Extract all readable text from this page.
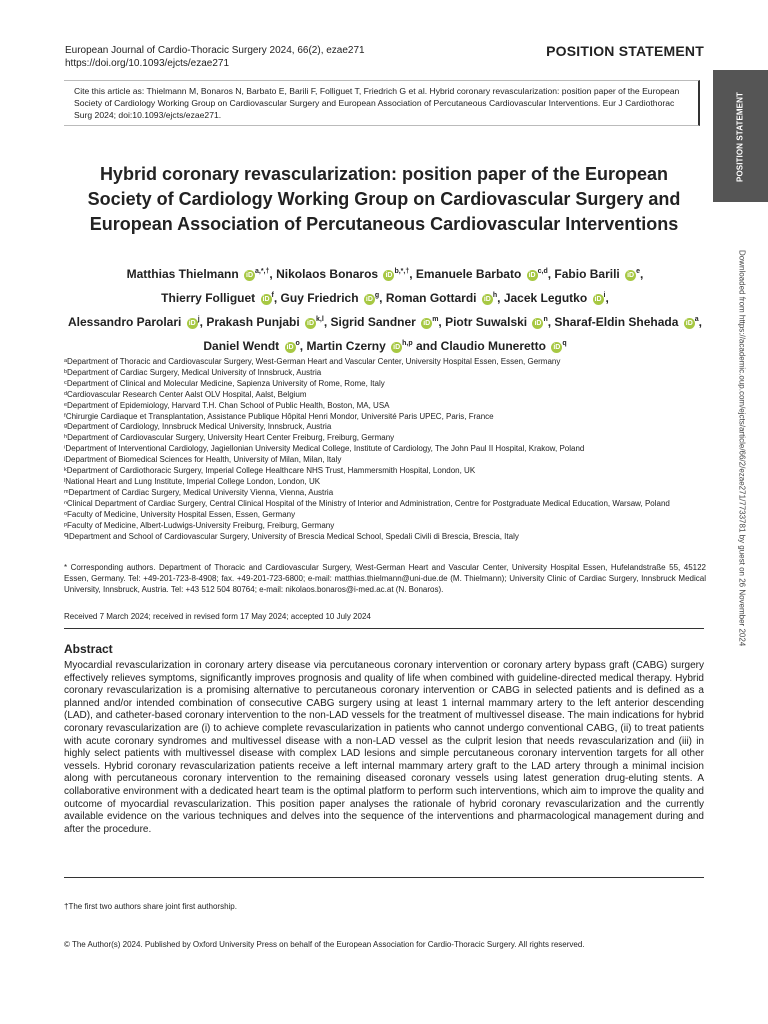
European Journal of Cardio-Thoracic Surgery 2024, 66(2), ezae271
https://doi.org/10.1093/ejcts/ezae271
POSITION STATEMENT
Cite this article as: Thielmann M, Bonaros N, Barbato E, Barili F, Folliguet T, Friedrich G et al. Hybrid coronary revascularization: position paper of the European Society of Cardiology Working Group on Cardiovascular Surgery and European Association of Percutaneous Cardiovascular Interventions. Eur J Cardiothorac Surg 2024; doi:10.1093/ejcts/ezae271.
Hybrid coronary revascularization: position paper of the European Society of Cardiology Working Group on Cardiovascular Surgery and European Association of Percutaneous Cardiovascular Interventions
Matthias Thielmann $iD^{a,*,\dagger}$, Nikolaos Bonaros $iD^{b,*,\dagger}$, Emanuele Barbato iD$^{c,d}$, Fabio Barili $iD^e$,
Thierry Folliguet $iD^f$, Guy Friedrich $iD^g$, Roman Gottardi $iD^h$, Jacek Legutko $iD^i$,
Alessandro Parolari $iD^j$, Prakash Punjabi iD$^{k,l}$, Sigrid Sandner $iD^m$, Piotr Suwalski $iD^n$, Sharaf-Eldin Shehada $iD^a$,
Daniel Wendt $iD^o$, Martin Czerny iD$^{h,p}$ and Claudio Muneretto $iD^q$
ᵃDepartment of Thoracic and Cardiovascular Surgery, West-German Heart and Vascular Center, University Hospital Essen, Essen, Germany
ᵇDepartment of Cardiac Surgery, Medical University of Innsbruck, Austria
ᶜDepartment of Clinical and Molecular Medicine, Sapienza University of Rome, Rome, Italy
ᵈCardiovascular Research Center Aalst OLV Hospital, Aalst, Belgium
ᵉDepartment of Epidemiology, Harvard T.H. Chan School of Public Health, Boston, MA, USA
ᶠChirurgie Cardiaque et Transplantation, Assistance Publique Hôpital Henri Mondor, Université Paris UPEC, Paris, France
ᵍDepartment of Cardiology, Innsbruck Medical University, Innsbruck, Austria
ʰDepartment of Cardiovascular Surgery, University Heart Center Freiburg, Freiburg, Germany
ⁱDepartment of Interventional Cardiology, Jagiellonian University Medical College, Institute of Cardiology, The John Paul II Hospital, Krakow, Poland
ʲDepartment of Biomedical Sciences for Health, University of Milan, Milan, Italy
ᵏDepartment of Cardiothoracic Surgery, Imperial College Healthcare NHS Trust, Hammersmith Hospital, London, UK
ˡNational Heart and Lung Institute, Imperial College London, London, UK
ᵐDepartment of Cardiac Surgery, Medical University Vienna, Vienna, Austria
ⁿClinical Department of Cardiac Surgery, Central Clinical Hospital of the Ministry of Interior and Administration, Centre for Postgraduate Medical Education, Warsaw, Poland
ᵒFaculty of Medicine, University Hospital Essen, Essen, Germany
ᵖFaculty of Medicine, Albert-Ludwigs-University Freiburg, Freiburg, Germany
ᑫDepartment and School of Cardiovascular Surgery, University of Brescia Medical School, Spedali Civili di Brescia, Brescia, Italy
* Corresponding authors. Department of Thoracic and Cardiovascular Surgery, West-German Heart and Vascular Center, University Hospital Essen, Hufelandstraße 55, 45122 Essen, Germany. Tel: +49-201-723-8-4908; fax. +49-201-723-6800; e-mail: matthias.thielmann@uni-due.de (M. Thielmann); University Clinic of Cardiac Surgery, Innsbruck Medical University, Innsbruck, Austria. Tel: +43 512 504 80764; e-mail: nikolaos.bonaros@i-med.ac.at (N. Bonaros).
Received 7 March 2024; received in revised form 17 May 2024; accepted 10 July 2024
Abstract
Myocardial revascularization in coronary artery disease via percutaneous coronary intervention or coronary artery bypass graft (CABG) surgery effectively relieves symptoms, significantly improves prognosis and quality of life when combined with guideline-directed medical therapy. Hybrid coronary revascularization is a promising alternative to percutaneous coronary intervention or CABG in selected patients and is defined as a planned and/or intended combination of consecutive CABG surgery using at least 1 internal mammary artery to the left anterior descending (LAD), and catheter-based coronary intervention to the non-LAD vessels for the treatment of multivessel disease. The main indications for hybrid coronary revascularization are (i) to achieve complete revascularization in patients who cannot undergo conventional CABG, (ii) to treat patients with acute coronary syndromes and multivessel disease with a non-LAD vessel as the culprit lesion that needs revascularization and (iii) in highly select patients with multivessel disease with complex LAD lesions and simple percutaneous coronary intervention targets for all other vessels. Hybrid coronary revascularization patients receive a left internal mammary artery graft to the LAD artery through a minimal incision along with percutaneous coronary intervention to the remaining diseased coronary vessels using latest generation drug-eluting stents. A collaborative environment with a dedicated heart team is the optimal platform to perform such interventions, which aim to improve the quality and outcome of myocardial revascularization. This position paper analyses the rationale of hybrid coronary revascularization and the currently available evidence on the various techniques and delves into the sequence of the interventions and pharmacological management during and after the procedure.
†The first two authors share joint first authorship.
© The Author(s) 2024. Published by Oxford University Press on behalf of the European Association for Cardio-Thoracic Surgery. All rights reserved.
POSITION STATEMENT
Downloaded from https://academic.oup.com/ejcts/article/66/2/ezae271/7733781 by guest on 26 November 2024
